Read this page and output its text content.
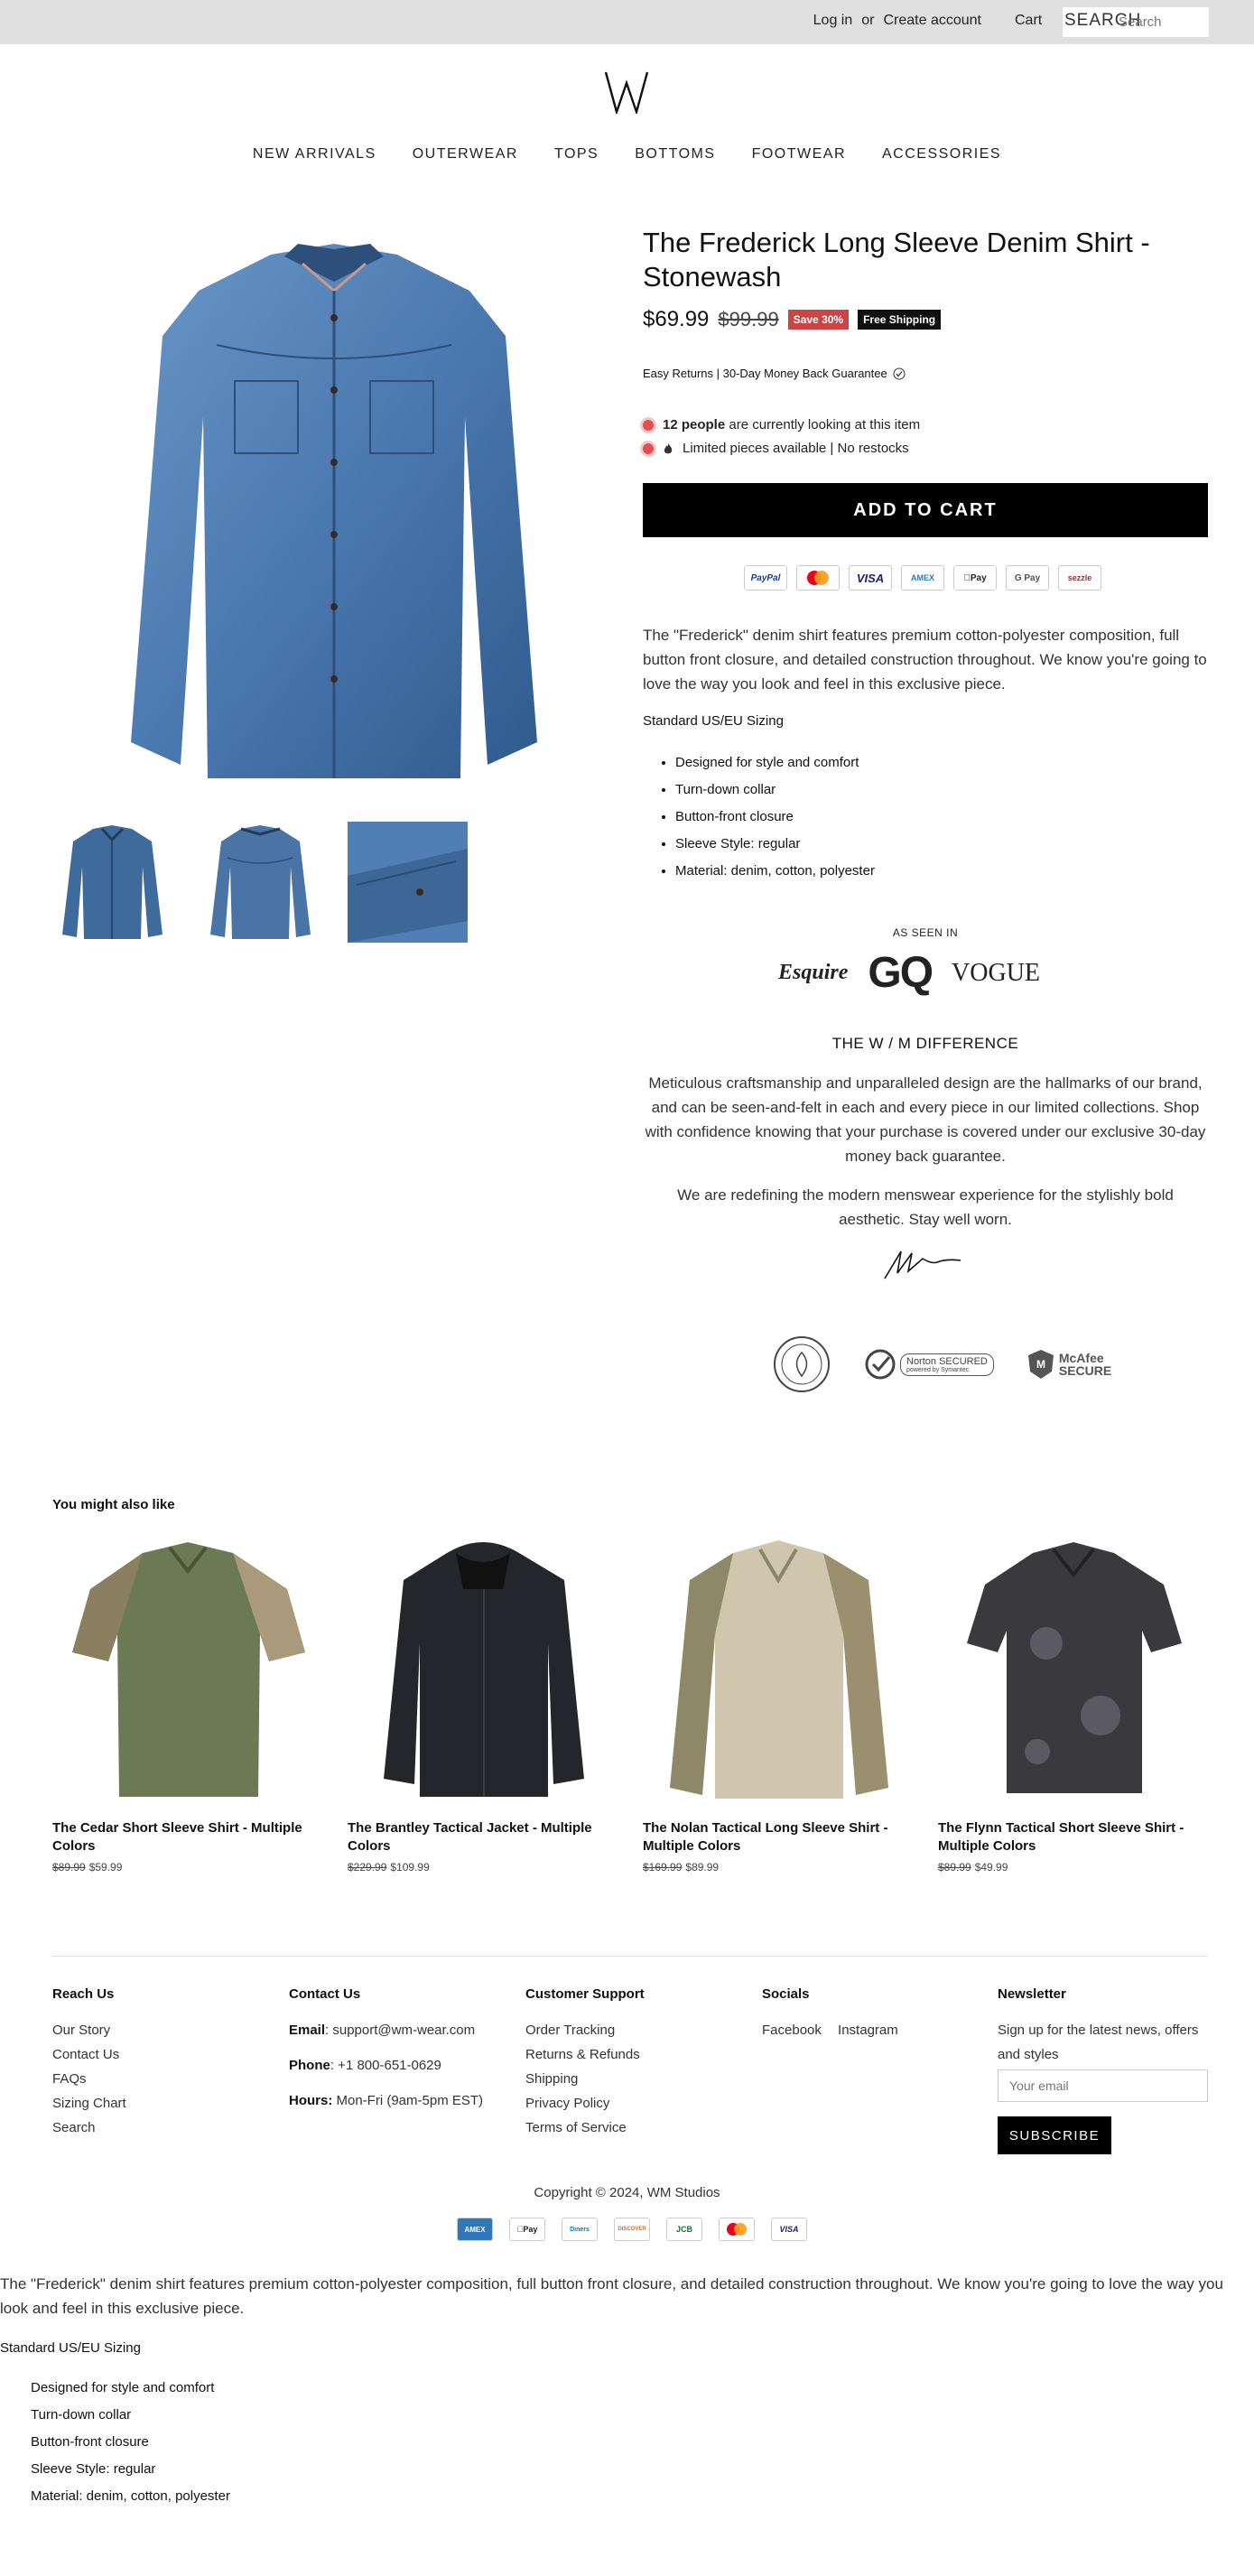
Log in or Create account Cart SEARCH
Search
NEW ARRIVALS	OUTERWEAR	TOPS	BOTTOMS	FOOTWEAR	ACCESSORIES
The Frederick Long Sleeve Denim Shirt - Stonewash
$69.99 $99.99	Save 30%	Free Shipping
Easy Returns | 30-Day Money Back Guarantee
12 people are currently looking at this item
Limited pieces available | No restocks
ADD TO CART
PayPal	VISA	AMEX	Pay	G Pay	sezzle
The "Frederick" denim shirt features premium cotton-polyester composition, full button front closure, and detailed construction throughout. We know you're going to love the way you look and feel in this exclusive piece.
Standard US/EU Sizing
• Designed for style and comfort
• Turn-down collar
• Button-front closure
• Sleeve Style: regular
• Material: denim, cotton, polyester
AS SEEN IN
Esquire GQ VOGUE
THE W / M DIFFERENCE
Meticulous craftsmanship and unparalleled design are the hallmarks of our brand, and can be seen-and-felt in each and every piece in our limited collections. Shop with confidence knowing that your purchase is covered under our exclusive 30-day money back guarantee.
We are redefining the modern menswear experience for the stylishly bold aesthetic. Stay well worn.
Norton SECURED
powered by Symantec	M McAfee SECURE
You might also like
The Cedar Short Sleeve Shirt - Multiple Colors
$89.99 $59.99
The Brantley Tactical Jacket - Multiple Colors
$229.99 $109.99
The Nolan Tactical Long Sleeve Shirt - Multiple Colors
$169.99 $89.99
The Flynn Tactical Short Sleeve Shirt - Multiple Colors
$89.99 $49.99
Reach Us
Our Story
Contact Us
FAQs
Sizing Chart
Search
Contact Us
Email: support@wm-wear.com
Phone: +1 800-651-0629
Hours: Mon-Fri (9am-5pm EST)
Customer Support
Order Tracking
Returns & Refunds
Shipping
Privacy Policy
Terms of Service
Socials
Facebook Instagram
Newsletter
Sign up for the latest news, offers and styles
Your email
SUBSCRIBE
Copyright © 2024, WM Studios
AMEX	Pay	Diners	DISCOVER	JCB	VISA
The "Frederick" denim shirt features premium cotton-polyester composition, full button front closure, and detailed construction throughout. We know you're going to love the way you look and feel in this exclusive piece.
Standard US/EU Sizing
Designed for style and comfort
Turn-down collar
Button-front closure
Sleeve Style: regular
Material: denim, cotton, polyester
